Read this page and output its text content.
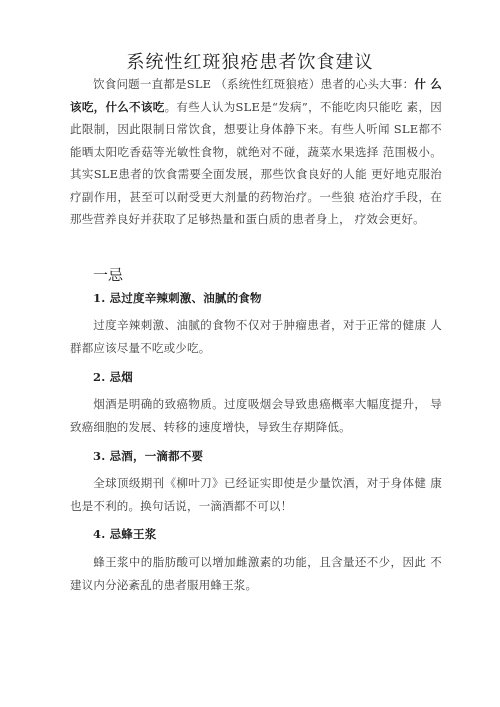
系统性红斑狼疮患者饮食建议

饮食问题一直都是SLE （系统性红斑狼疮）患者的心头大事：什 么该吃，什么不该吃。有些人认为SLE是“发病”，不能吃肉只能吃 素，因此限制，因此限制日常饮食，想要让身体静下来。有些人听闻 SLE都不能晒太阳吃香菇等光敏性食物，就绝对不碰，蔬菜水果选择 范围极小。其实SLE患者的饮食需要全面发展，那些饮食良好的人能 更好地克服治疗副作用，甚至可以耐受更大剂量的药物治疗。一些狼 疮治疗手段，在那些营养良好并获取了足够热量和蛋白质的患者身上， 疗效会更好。

一忌
1. 忌过度辛辣刺激、油腻的食物

过度辛辣刺激、油腻的食物不仅对于肿瘤患者，对于正常的健康 人群都应该尽量不吃或少吃。

2. 忌烟

烟酒是明确的致癌物质。过度吸烟会导致患癌概率大幅度提升， 导致癌细胞的发展、转移的速度增快，导致生存期降低。

3. 忌酒，一滴都不要

全球顶级期刊《柳叶刀》已经证实即使是少量饮酒，对于身体健 康也是不利的。换句话说，一滴酒都不可以！

4. 忌蜂王浆

蜂王浆中的脂肪酸可以增加雌激素的功能，且含量还不少，因此 不建议内分泌紊乱的患者服用蜂王浆。
